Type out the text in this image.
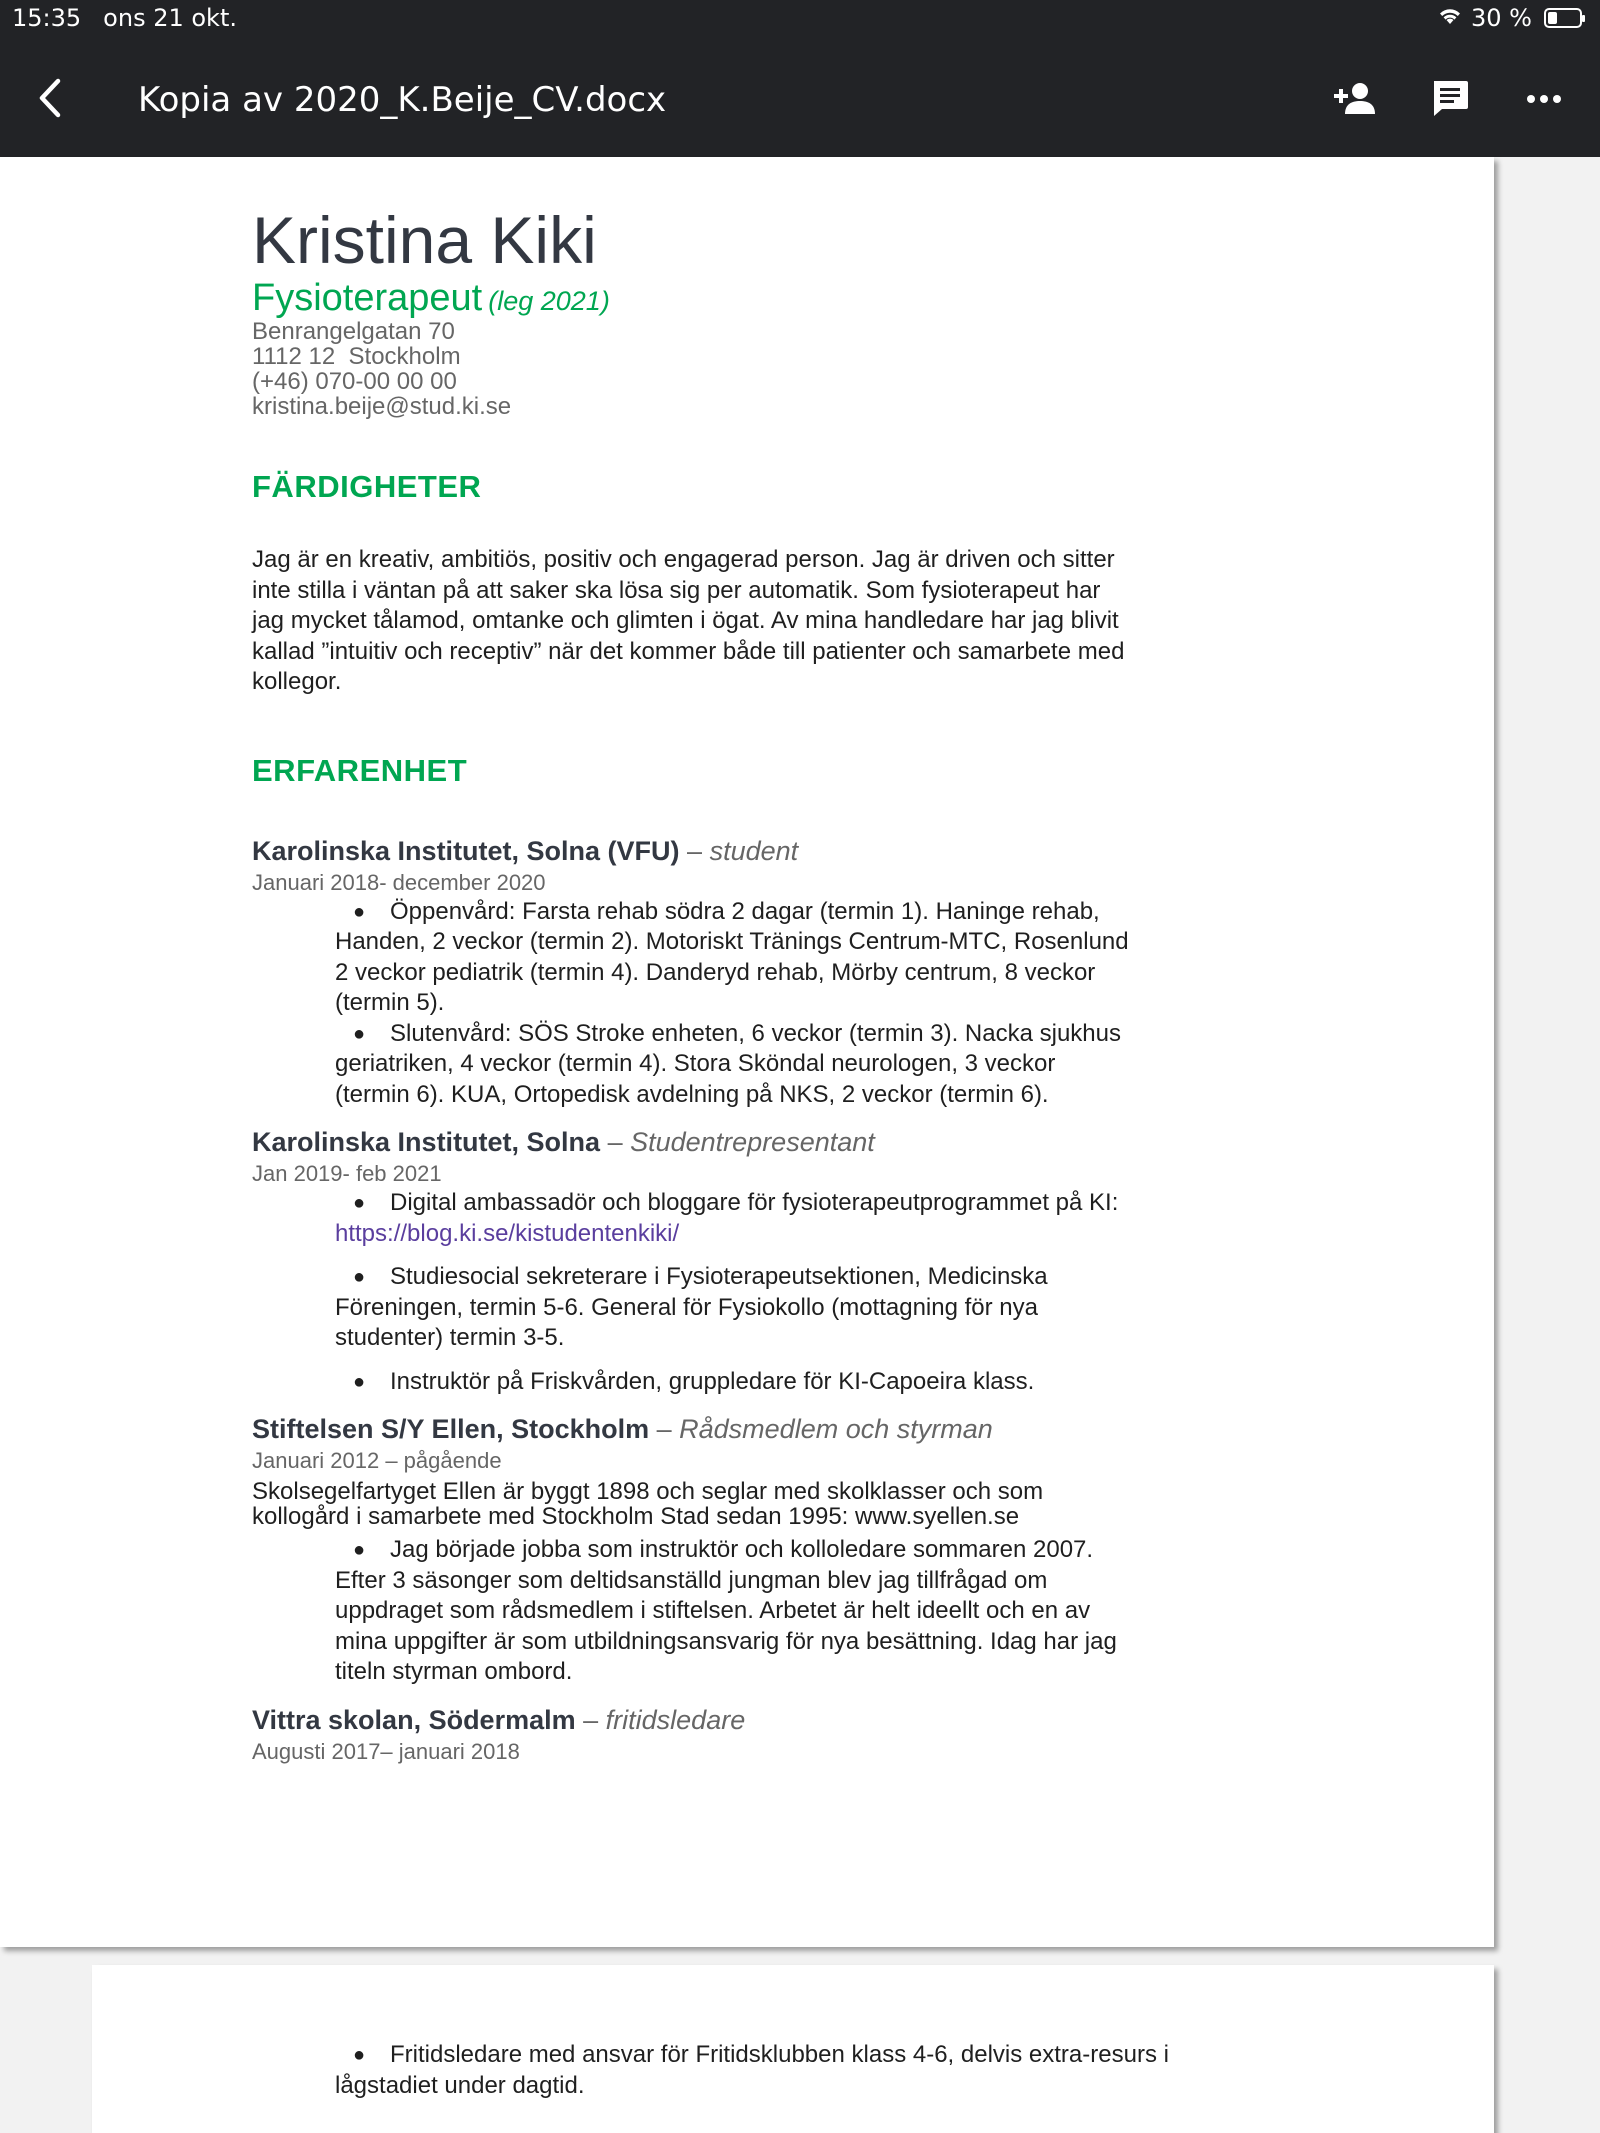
15:35 ons 21 okt.	30 %
Kopia av 2020_K.Beije_CV.docx
Kristina Kiki
Fysioterapeut (leg 2021)
Benrangelgatan 70
1112 12  Stockholm
(+46) 070-00 00 00
kristina.beije@stud.ki.se
FÄRDIGHETER
Jag är en kreativ, ambitiös, positiv och engagerad person. Jag är driven och sitter inte stilla i väntan på att saker ska lösa sig per automatik. Som fysioterapeut har jag mycket tålamod, omtanke och glimten i ögat. Av mina handledare har jag blivit kallad ”intuitiv och receptiv” när det kommer både till patienter och samarbete med kollegor.
ERFARENHET
Karolinska Institutet, Solna (VFU) – student
Januari 2018- december 2020
● Öppenvård: Farsta rehab södra 2 dagar (termin 1). Haninge rehab, Handen, 2 veckor (termin 2). Motoriskt Tränings Centrum-MTC, Rosenlund 2 veckor pediatrik (termin 4). Danderyd rehab, Mörby centrum, 8 veckor (termin 5).
● Slutenvård: SÖS Stroke enheten, 6 veckor (termin 3). Nacka sjukhus geriatriken, 4 veckor (termin 4). Stora Sköndal neurologen, 3 veckor (termin 6). KUA, Ortopedisk avdelning på NKS, 2 veckor (termin 6).
Karolinska Institutet, Solna – Studentrepresentant
Jan 2019- feb 2021
● Digital ambassadör och bloggare för fysioterapeutprogrammet på KI: https://blog.ki.se/kistudentenkiki/
● Studiesocial sekreterare i Fysioterapeutsektionen, Medicinska Föreningen, termin 5-6. General för Fysiokollo (mottagning för nya studenter) termin 3-5.
● Instruktör på Friskvården, gruppledare för KI-Capoeira klass.
Stiftelsen S/Y Ellen, Stockholm – Rådsmedlem och styrman
Januari 2012 – pågående
Skolsegelfartyget Ellen är byggt 1898 och seglar med skolklasser och som kollogård i samarbete med Stockholm Stad sedan 1995: www.syellen.se
● Jag började jobba som instruktör och kolloledare sommaren 2007. Efter 3 säsonger som deltidsanställd jungman blev jag tillfrågad om uppdraget som rådsmedlem i stiftelsen. Arbetet är helt ideellt och en av mina uppgifter är som utbildningsansvarig för nya besättning. Idag har jag titeln styrman ombord.
Vittra skolan, Södermalm – fritidsledare
Augusti 2017– januari 2018
● Fritidsledare med ansvar för Fritidsklubben klass 4-6, delvis extra-resurs i lågstadiet under dagtid.
